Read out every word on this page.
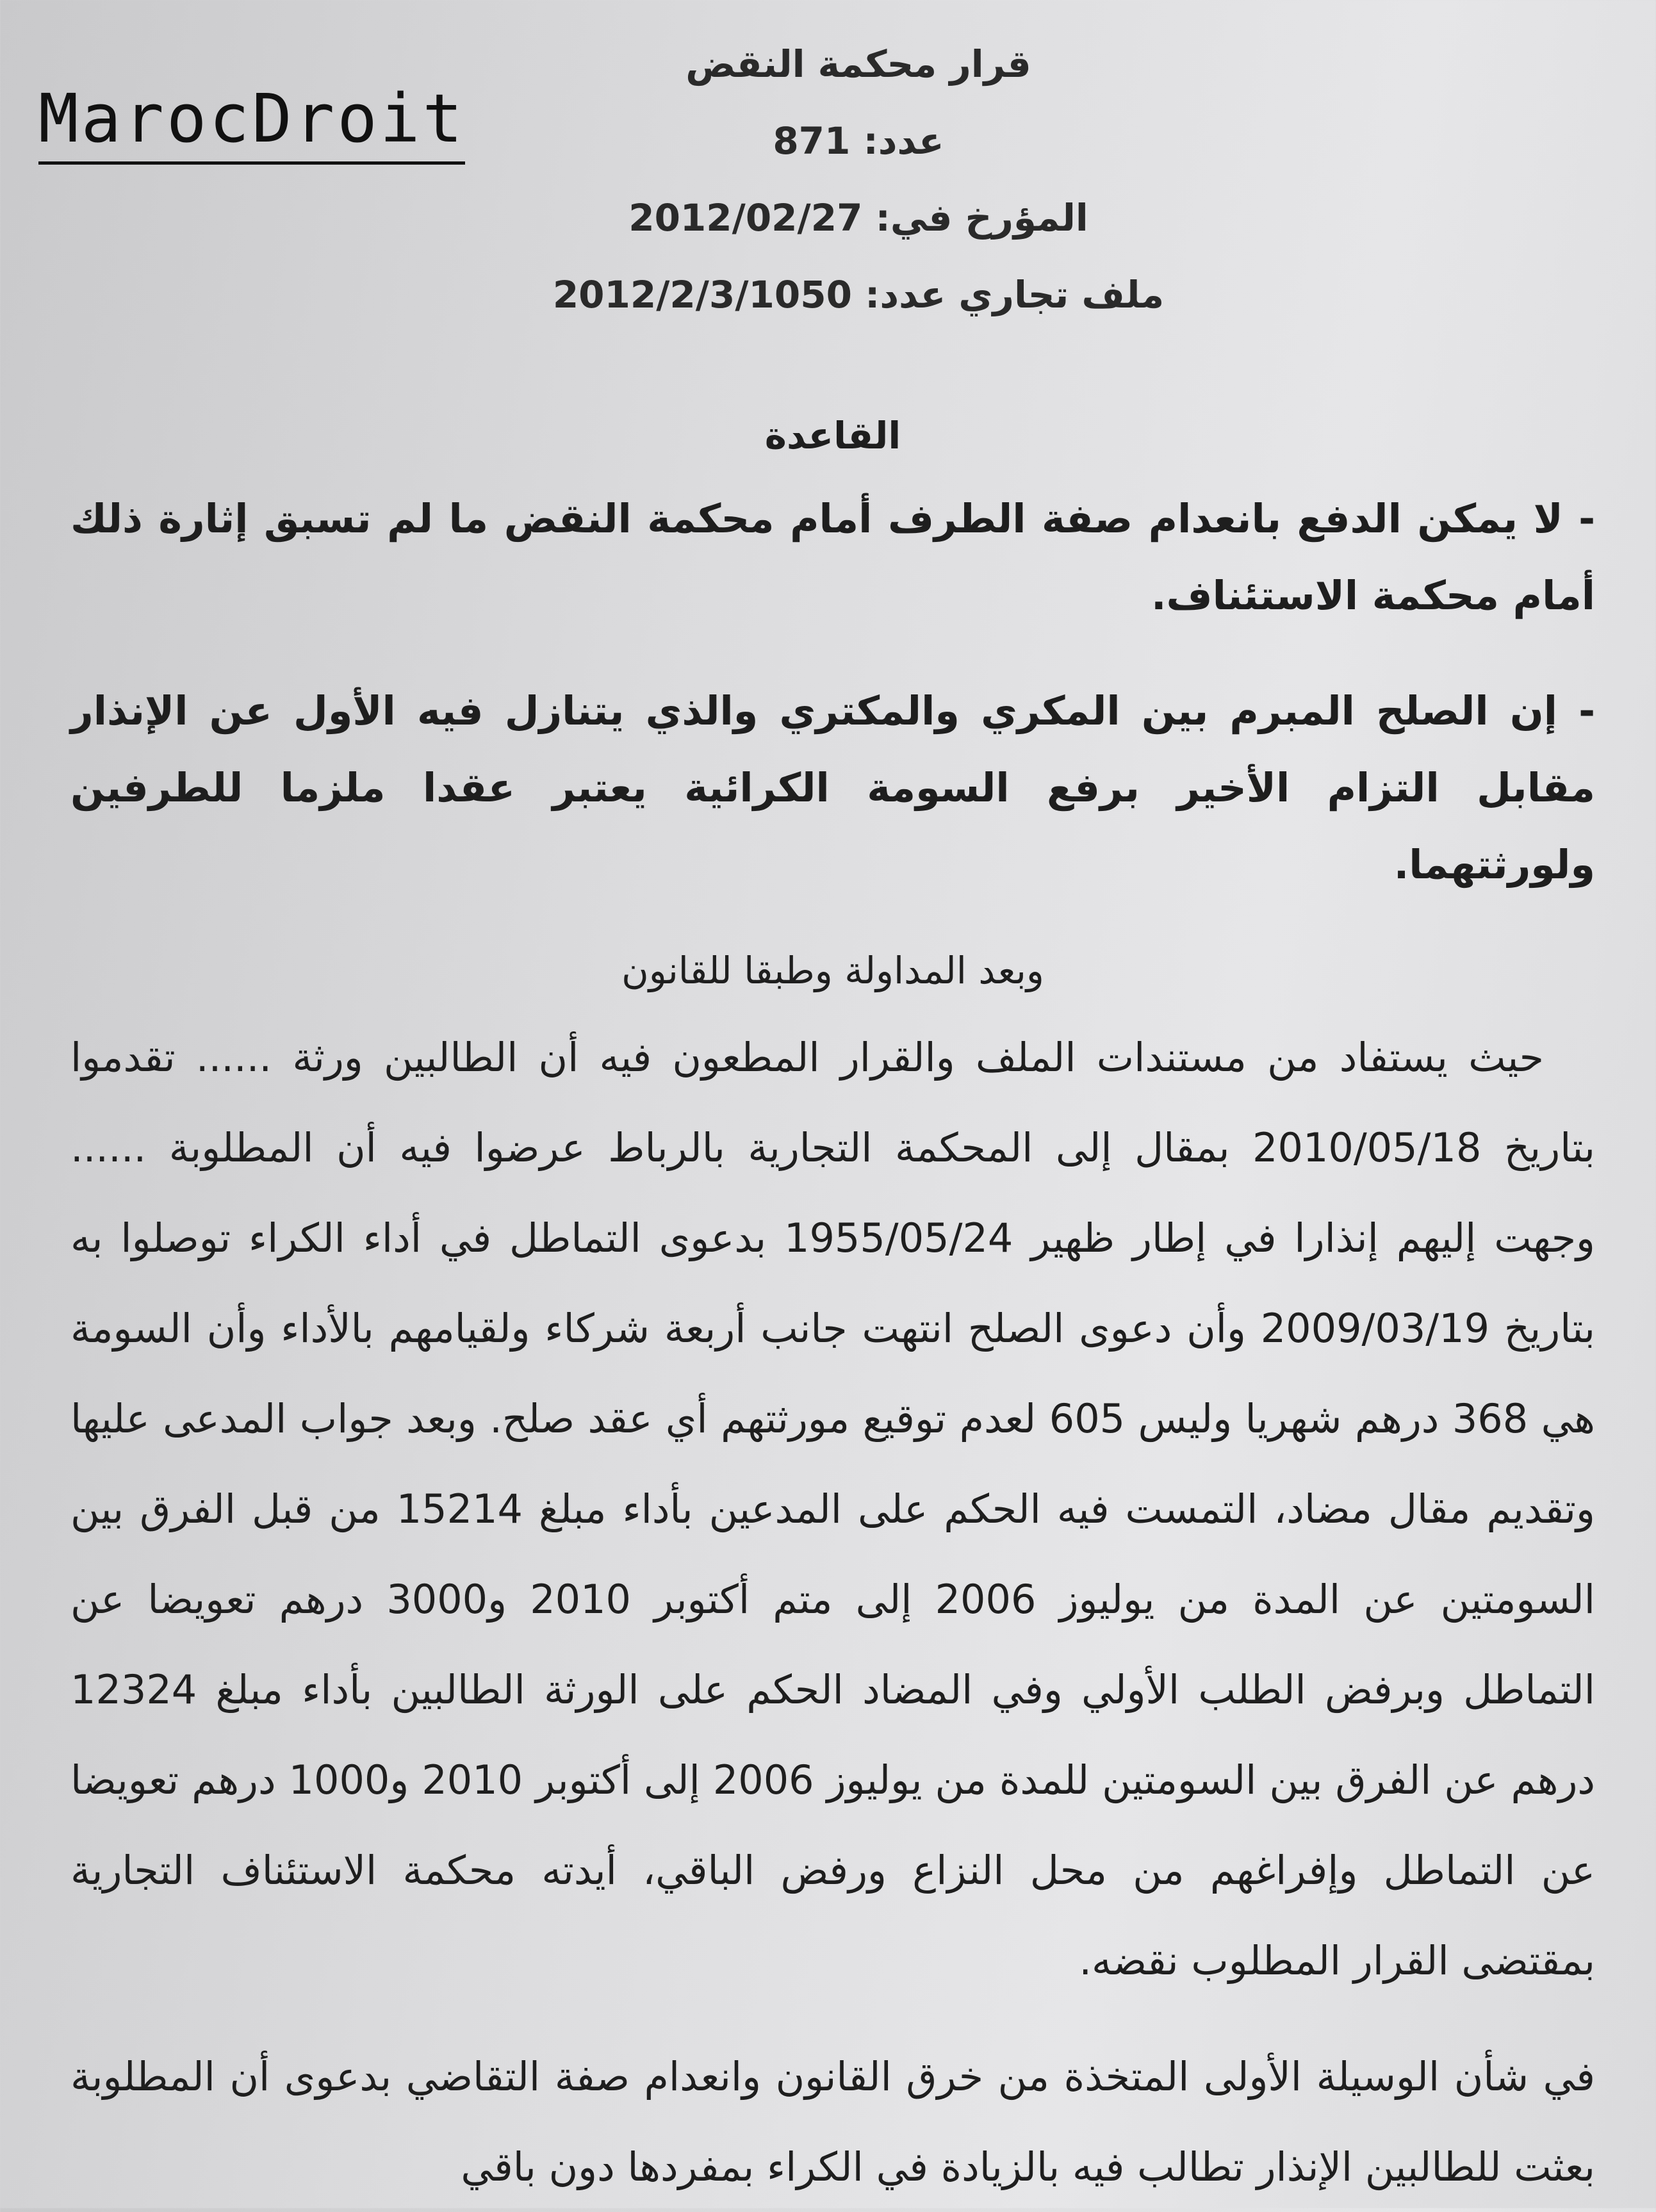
MarocDroit
قرار محكمة النقض
عدد: 871
المؤرخ في: 2012/02/27
ملف تجاري عدد: 2012/2/3/1050
القاعدة

- لا يمكن الدفع بانعدام صفة الطرف أمام محكمة النقض ما لم تسبق إثارة ذلك أمام محكمة الاستئناف.

- إن الصلح المبرم بين المكري والمكتري والذي يتنازل فيه الأول عن الإنذار مقابل التزام الأخير برفع السومة الكرائية يعتبر عقدا ملزما للطرفين ولورثتهما.

وبعد المداولة وطبقا للقانون

حيث يستفاد من مستندات الملف والقرار المطعون فيه أن الطالبين ورثة ...... تقدموا بتاريخ 2010/05/18 بمقال إلى المحكمة التجارية بالرباط عرضوا فيه أن المطلوبة ...... وجهت إليهم إنذارا في إطار ظهير 1955/05/24 بدعوى التماطل في أداء الكراء توصلوا به بتاريخ 2009/03/19 وأن دعوى الصلح انتهت جانب أربعة شركاء ولقيامهم بالأداء وأن السومة هي 368 درهم شهريا وليس 605 لعدم توقيع مورثتهم أي عقد صلح. وبعد جواب المدعى عليها وتقديم مقال مضاد، التمست فيه الحكم على المدعين بأداء مبلغ 15214 من قبل الفرق بين السومتين عن المدة من يوليوز 2006 إلى متم أكتوبر 2010 و3000 درهم تعويضا عن التماطل وبرفض الطلب الأولي وفي المضاد الحكم على الورثة الطالبين بأداء مبلغ 12324 درهم عن الفرق بين السومتين للمدة من يوليوز 2006 إلى أكتوبر 2010 و1000 درهم تعويضا عن التماطل وإفراغهم من محل النزاع ورفض الباقي، أيدته محكمة الاستئناف التجارية بمقتضى القرار المطلوب نقضه.

في شأن الوسيلة الأولى المتخذة من خرق القانون وانعدام صفة التقاضي بدعوى أن المطلوبة بعثت للطالبين الإنذار تطالب فيه بالزيادة في الكراء بمفردها دون باقي
